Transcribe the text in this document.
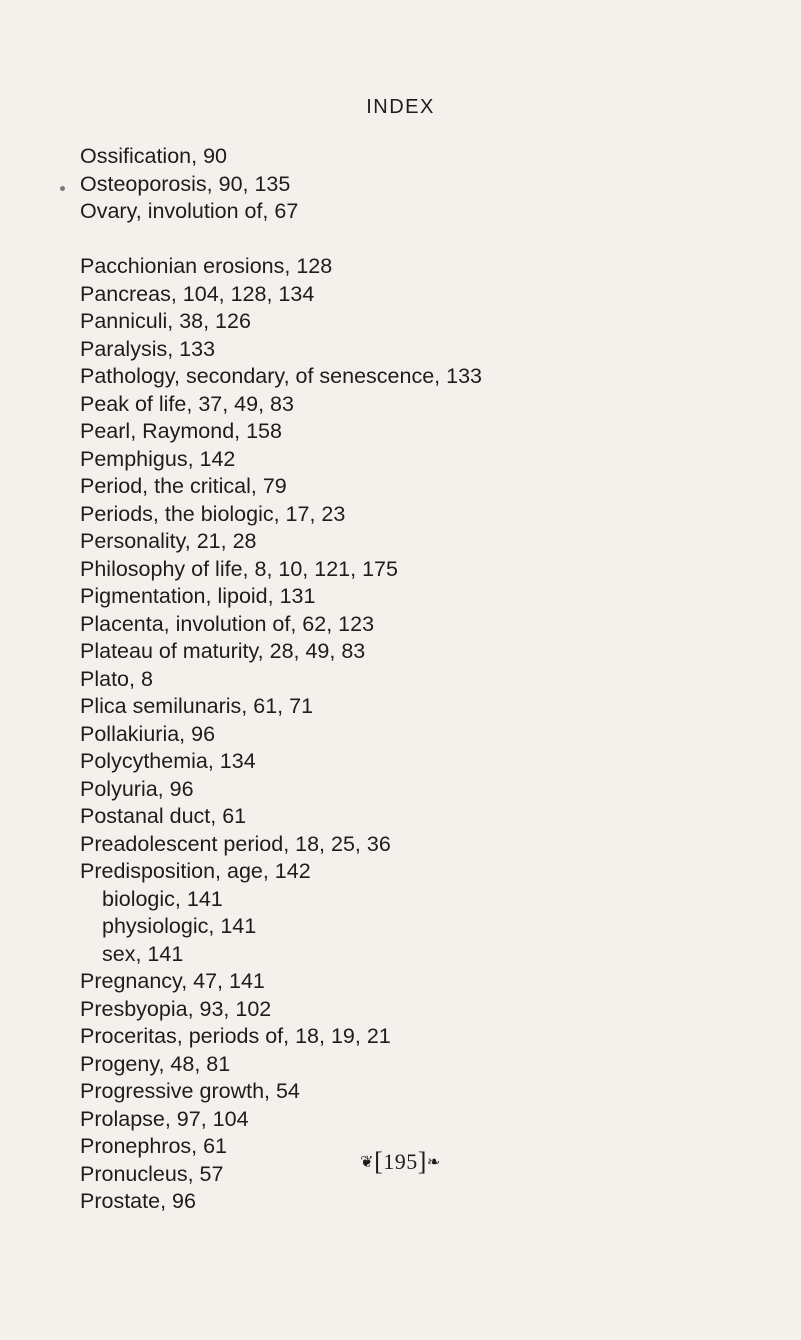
INDEX
Ossification, 90
Osteoporosis, 90, 135
Ovary, involution of, 67
Pacchionian erosions, 128
Pancreas, 104, 128, 134
Panniculi, 38, 126
Paralysis, 133
Pathology, secondary, of senescence, 133
Peak of life, 37, 49, 83
Pearl, Raymond, 158
Pemphigus, 142
Period, the critical, 79
Periods, the biologic, 17, 23
Personality, 21, 28
Philosophy of life, 8, 10, 121, 175
Pigmentation, lipoid, 131
Placenta, involution of, 62, 123
Plateau of maturity, 28, 49, 83
Plato, 8
Plica semilunaris, 61, 71
Pollakiuria, 96
Polycythemia, 134
Polyuria, 96
Postanal duct, 61
Preadolescent period, 18, 25, 36
Predisposition, age, 142
biologic, 141
physiologic, 141
sex, 141
Pregnancy, 47, 141
Presbyopia, 93, 102
Proceritas, periods of, 18, 19, 21
Progeny, 48, 81
Progressive growth, 54
Prolapse, 97, 104
Pronephros, 61
Pronucleus, 57
Prostate, 96
❦[195]❧
